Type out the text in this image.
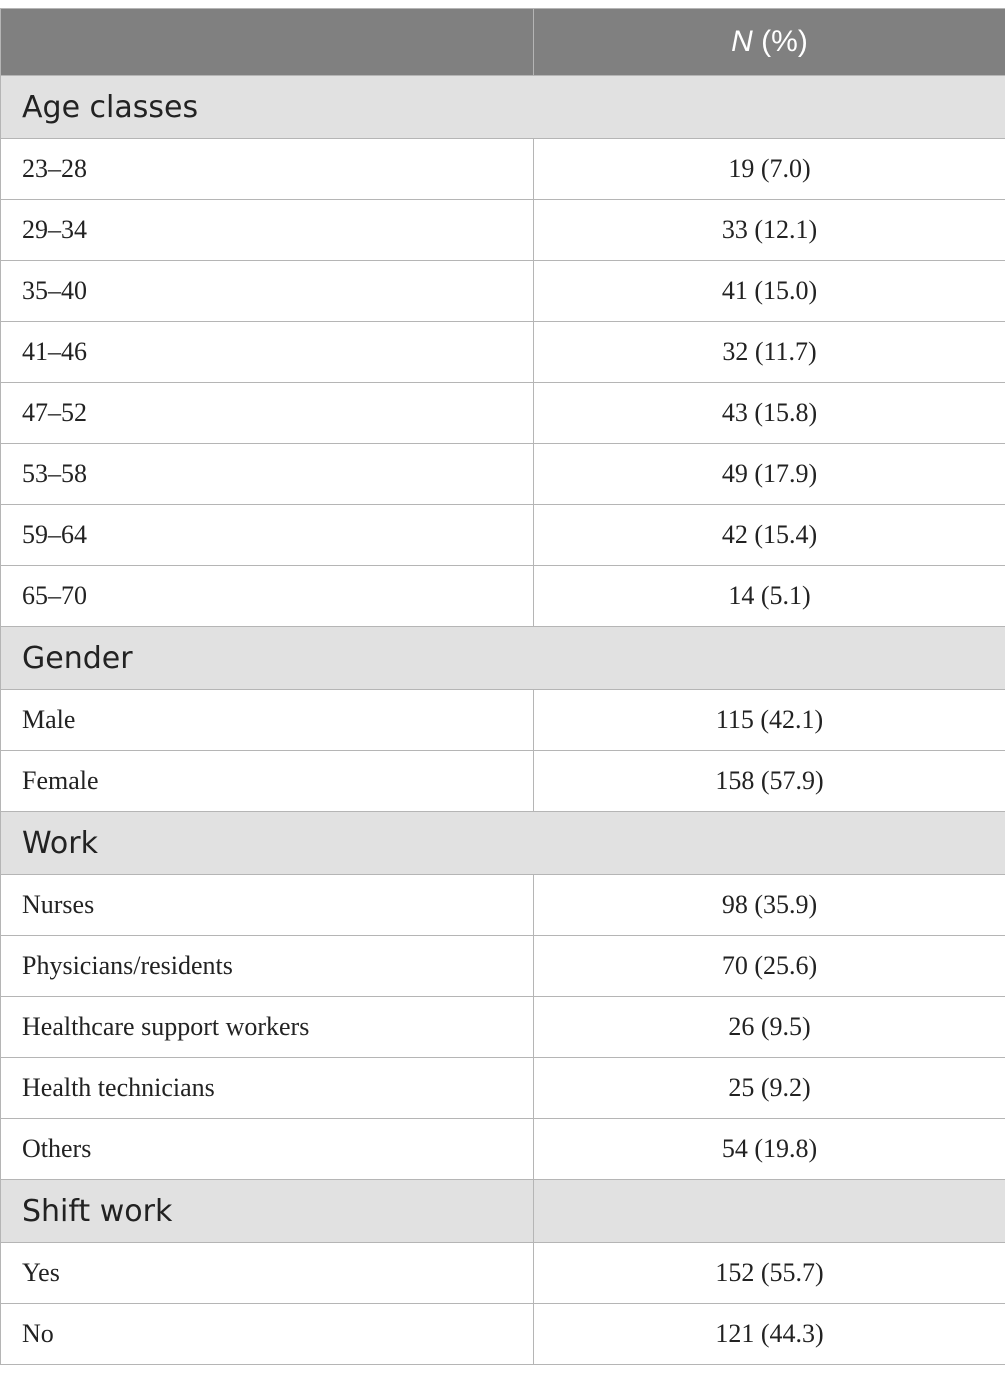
	N (%)
Age classes	
23–28	19 (7.0)
29–34	33 (12.1)
35–40	41 (15.0)
41–46	32 (11.7)
47–52	43 (15.8)
53–58	49 (17.9)
59–64	42 (15.4)
65–70	14 (5.1)
Gender	
Male	115 (42.1)
Female	158 (57.9)
Work	
Nurses	98 (35.9)
Physicians/residents	70 (25.6)
Healthcare support workers	26 (9.5)
Health technicians	25 (9.2)
Others	54 (19.8)
Shift work	
Yes	152 (55.7)
No	121 (44.3)
